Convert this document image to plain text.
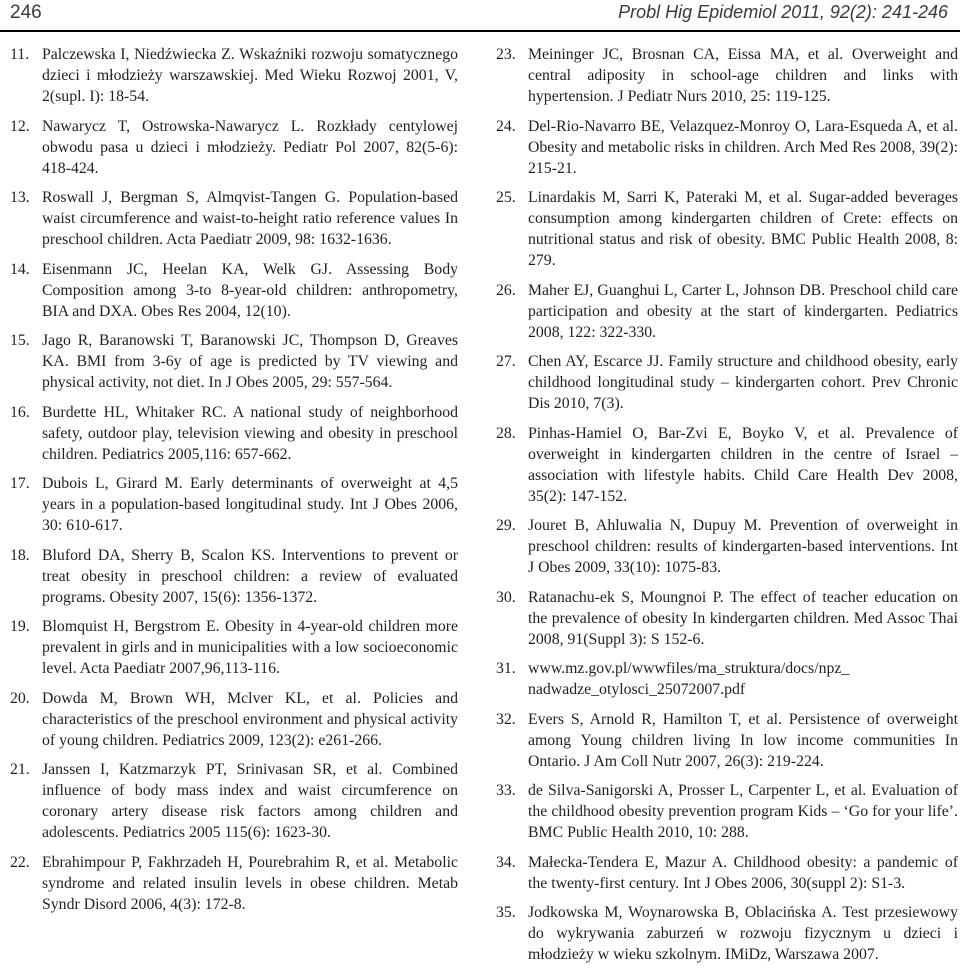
246	Probl Hig Epidemiol 2011, 92(2): 241-246
11. Palczewska I, Niedźwiecka Z. Wskaźniki rozwoju somatycznego dzieci i młodzieży warszawskiej. Med Wieku Rozwoj 2001, V, 2(supl. I): 18-54.
12. Nawarycz T, Ostrowska-Nawarycz L. Rozkłady centylowej obwodu pasa u dzieci i młodzieży. Pediatr Pol 2007, 82(5-6): 418-424.
13. Roswall J, Bergman S, Almqvist-Tangen G. Population-based waist circumference and waist-to-height ratio reference values In preschool children. Acta Paediatr 2009, 98: 1632-1636.
14. Eisenmann JC, Heelan KA, Welk GJ. Assessing Body Composition among 3-to 8-year-old children: anthropometry, BIA and DXA. Obes Res 2004, 12(10).
15. Jago R, Baranowski T, Baranowski JC, Thompson D, Greaves KA. BMI from 3-6y of age is predicted by TV viewing and physical activity, not diet. In J Obes 2005, 29: 557-564.
16. Burdette HL, Whitaker RC. A national study of neighborhood safety, outdoor play, television viewing and obesity in preschool children. Pediatrics 2005,116: 657-662.
17. Dubois L, Girard M. Early determinants of overweight at 4,5 years in a population-based longitudinal study. Int J Obes 2006, 30: 610-617.
18. Bluford DA, Sherry B, Scalon KS. Interventions to prevent or treat obesity in preschool children: a review of evaluated programs. Obesity 2007, 15(6): 1356-1372.
19. Blomquist H, Bergstrom E. Obesity in 4-year-old children more prevalent in girls and in municipalities with a low socioeconomic level. Acta Paediatr 2007,96,113-116.
20. Dowda M, Brown WH, Mclver KL, et al. Policies and characteristics of the preschool environment and physical activity of young children. Pediatrics 2009, 123(2): e261-266.
21. Janssen I, Katzmarzyk PT, Srinivasan SR, et al. Combined influence of body mass index and waist circumference on coronary artery disease risk factors among children and adolescents. Pediatrics 2005 115(6): 1623-30.
22. Ebrahimpour P, Fakhrzadeh H, Pourebrahim R, et al. Metabolic syndrome and related insulin levels in obese children. Metab Syndr Disord 2006, 4(3): 172-8.
23. Meininger JC, Brosnan CA, Eissa MA, et al. Overweight and central adiposity in school-age children and links with hypertension. J Pediatr Nurs 2010, 25: 119-125.
24. Del-Rio-Navarro BE, Velazquez-Monroy O, Lara-Esqueda A, et al. Obesity and metabolic risks in children. Arch Med Res 2008, 39(2): 215-21.
25. Linardakis M, Sarri K, Pateraki M, et al. Sugar-added beverages consumption among kindergarten children of Crete: effects on nutritional status and risk of obesity. BMC Public Health 2008, 8: 279.
26. Maher EJ, Guanghui L, Carter L, Johnson DB. Preschool child care participation and obesity at the start of kindergarten. Pediatrics 2008, 122: 322-330.
27. Chen AY, Escarce JJ. Family structure and childhood obesity, early childhood longitudinal study – kindergarten cohort. Prev Chronic Dis 2010, 7(3).
28. Pinhas-Hamiel O, Bar-Zvi E, Boyko V, et al. Prevalence of overweight in kindergarten children in the centre of Israel – association with lifestyle habits. Child Care Health Dev 2008, 35(2): 147-152.
29. Jouret B, Ahluwalia N, Dupuy M. Prevention of overweight in preschool children: results of kindergarten-based interventions. Int J Obes 2009, 33(10): 1075-83.
30. Ratanachu-ek S, Moungnoi P. The effect of teacher education on the prevalence of obesity In kindergarten children. Med Assoc Thai 2008, 91(Suppl 3): S 152-6.
31. www.mz.gov.pl/wwwfiles/ma_struktura/docs/npz_ nadwadze_otylosci_25072007.pdf
32. Evers S, Arnold R, Hamilton T, et al. Persistence of overweight among Young children living In low income communities In Ontario. J Am Coll Nutr 2007, 26(3): 219-224.
33. de Silva-Sanigorski A, Prosser L, Carpenter L, et al. Evaluation of the childhood obesity prevention program Kids – ‘Go for your life’. BMC Public Health 2010, 10: 288.
34. Małecka-Tendera E, Mazur A. Childhood obesity: a pandemic of the twenty-first century. Int J Obes 2006, 30(suppl 2): S1-3.
35. Jodkowska M, Woynarowska B, Oblacińska A. Test przesiewowy do wykrywania zaburzeń w rozwoju fizycznym u dzieci i młodzieży w wieku szkolnym. IMiDz, Warszawa 2007.
